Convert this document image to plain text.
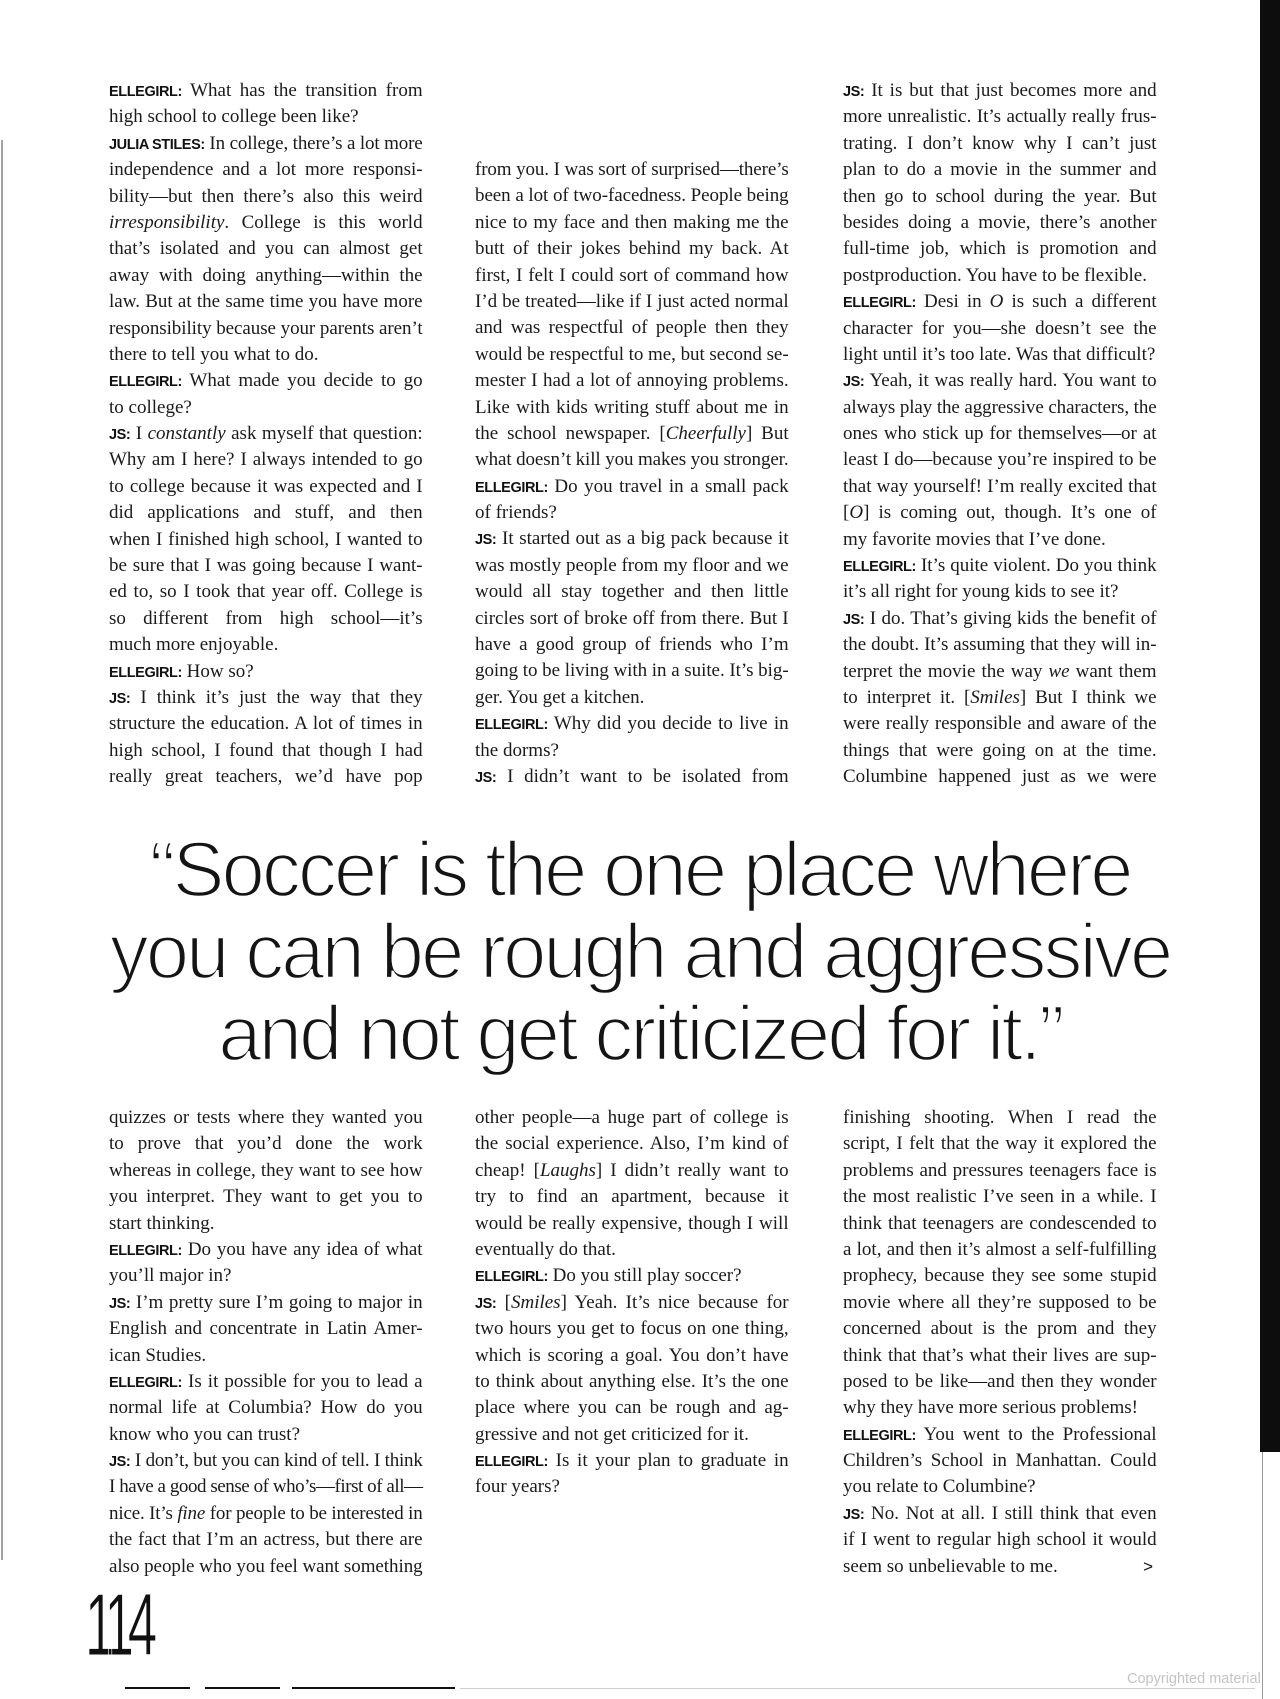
ELLEGIRL: What has the transition from
high school to college been like?
JULIA STILES: In college, there’s a lot more
independence and a lot more responsi-
bility—but then there’s also this weird
irresponsibility. College is this world
that’s isolated and you can almost get
away with doing anything—within the
law. But at the same time you have more
responsibility because your parents aren’t
there to tell you what to do.
ELLEGIRL: What made you decide to go
to college?
JS: I constantly ask myself that question:
Why am I here? I always intended to go
to college because it was expected and I
did applications and stuff, and then
when I finished high school, I wanted to
be sure that I was going because I want-
ed to, so I took that year off. College is
so different from high school—it’s
much more enjoyable.
ELLEGIRL: How so?
JS: I think it’s just the way that they
structure the education. A lot of times in
high school, I found that though I had
really great teachers, we’d have pop
from you. I was sort of surprised—there’s
been a lot of two-facedness. People being
nice to my face and then making me the
butt of their jokes behind my back. At
first, I felt I could sort of command how
I’d be treated—like if I just acted normal
and was respectful of people then they
would be respectful to me, but second se-
mester I had a lot of annoying problems.
Like with kids writing stuff about me in
the school newspaper. [Cheerfully] But
what doesn’t kill you makes you stronger.
ELLEGIRL: Do you travel in a small pack
of friends?
JS: It started out as a big pack because it
was mostly people from my floor and we
would all stay together and then little
circles sort of broke off from there. But I
have a good group of friends who I’m
going to be living with in a suite. It’s big-
ger. You get a kitchen.
ELLEGIRL: Why did you decide to live in
the dorms?
JS: I didn’t want to be isolated from
JS: It is but that just becomes more and
more unrealistic. It’s actually really frus-
trating. I don’t know why I can’t just
plan to do a movie in the summer and
then go to school during the year. But
besides doing a movie, there’s another
full-time job, which is promotion and
postproduction. You have to be flexible.
ELLEGIRL: Desi in O is such a different
character for you—she doesn’t see the
light until it’s too late. Was that difficult?
JS: Yeah, it was really hard. You want to
always play the aggressive characters, the
ones who stick up for themselves—or at
least I do—because you’re inspired to be
that way yourself! I’m really excited that
[O] is coming out, though. It’s one of
my favorite movies that I’ve done.
ELLEGIRL: It’s quite violent. Do you think
it’s all right for young kids to see it?
JS: I do. That’s giving kids the benefit of
the doubt. It’s assuming that they will in-
terpret the movie the way we want them
to interpret it. [Smiles] But I think we
were really responsible and aware of the
things that were going on at the time.
Columbine happened just as we were
“Soccer is the one place where
you can be rough and aggressive
and not get criticized for it.”
quizzes or tests where they wanted you
to prove that you’d done the work
whereas in college, they want to see how
you interpret. They want to get you to
start thinking.
ELLEGIRL: Do you have any idea of what
you’ll major in?
JS: I’m pretty sure I’m going to major in
English and concentrate in Latin Amer-
ican Studies.
ELLEGIRL: Is it possible for you to lead a
normal life at Columbia? How do you
know who you can trust?
JS: I don’t, but you can kind of tell. I think
I have a good sense of who’s—first of all—
nice. It’s fine for people to be interested in
the fact that I’m an actress, but there are
also people who you feel want something
other people—a huge part of college is
the social experience. Also, I’m kind of
cheap! [Laughs] I didn’t really want to
try to find an apartment, because it
would be really expensive, though I will
eventually do that.
ELLEGIRL: Do you still play soccer?
JS: [Smiles] Yeah. It’s nice because for
two hours you get to focus on one thing,
which is scoring a goal. You don’t have
to think about anything else. It’s the one
place where you can be rough and ag-
gressive and not get criticized for it.
ELLEGIRL: Is it your plan to graduate in
four years?
finishing shooting. When I read the
script, I felt that the way it explored the
problems and pressures teenagers face is
the most realistic I’ve seen in a while. I
think that teenagers are condescended to
a lot, and then it’s almost a self-fulfilling
prophecy, because they see some stupid
movie where all they’re supposed to be
concerned about is the prom and they
think that that’s what their lives are sup-
posed to be like—and then they wonder
why they have more serious problems!
ELLEGIRL: You went to the Professional
Children’s School in Manhattan. Could
you relate to Columbine?
JS: No. Not at all. I still think that even
if I went to regular high school it would
seem so unbelievable to me.	>
114
Copyrighted material
